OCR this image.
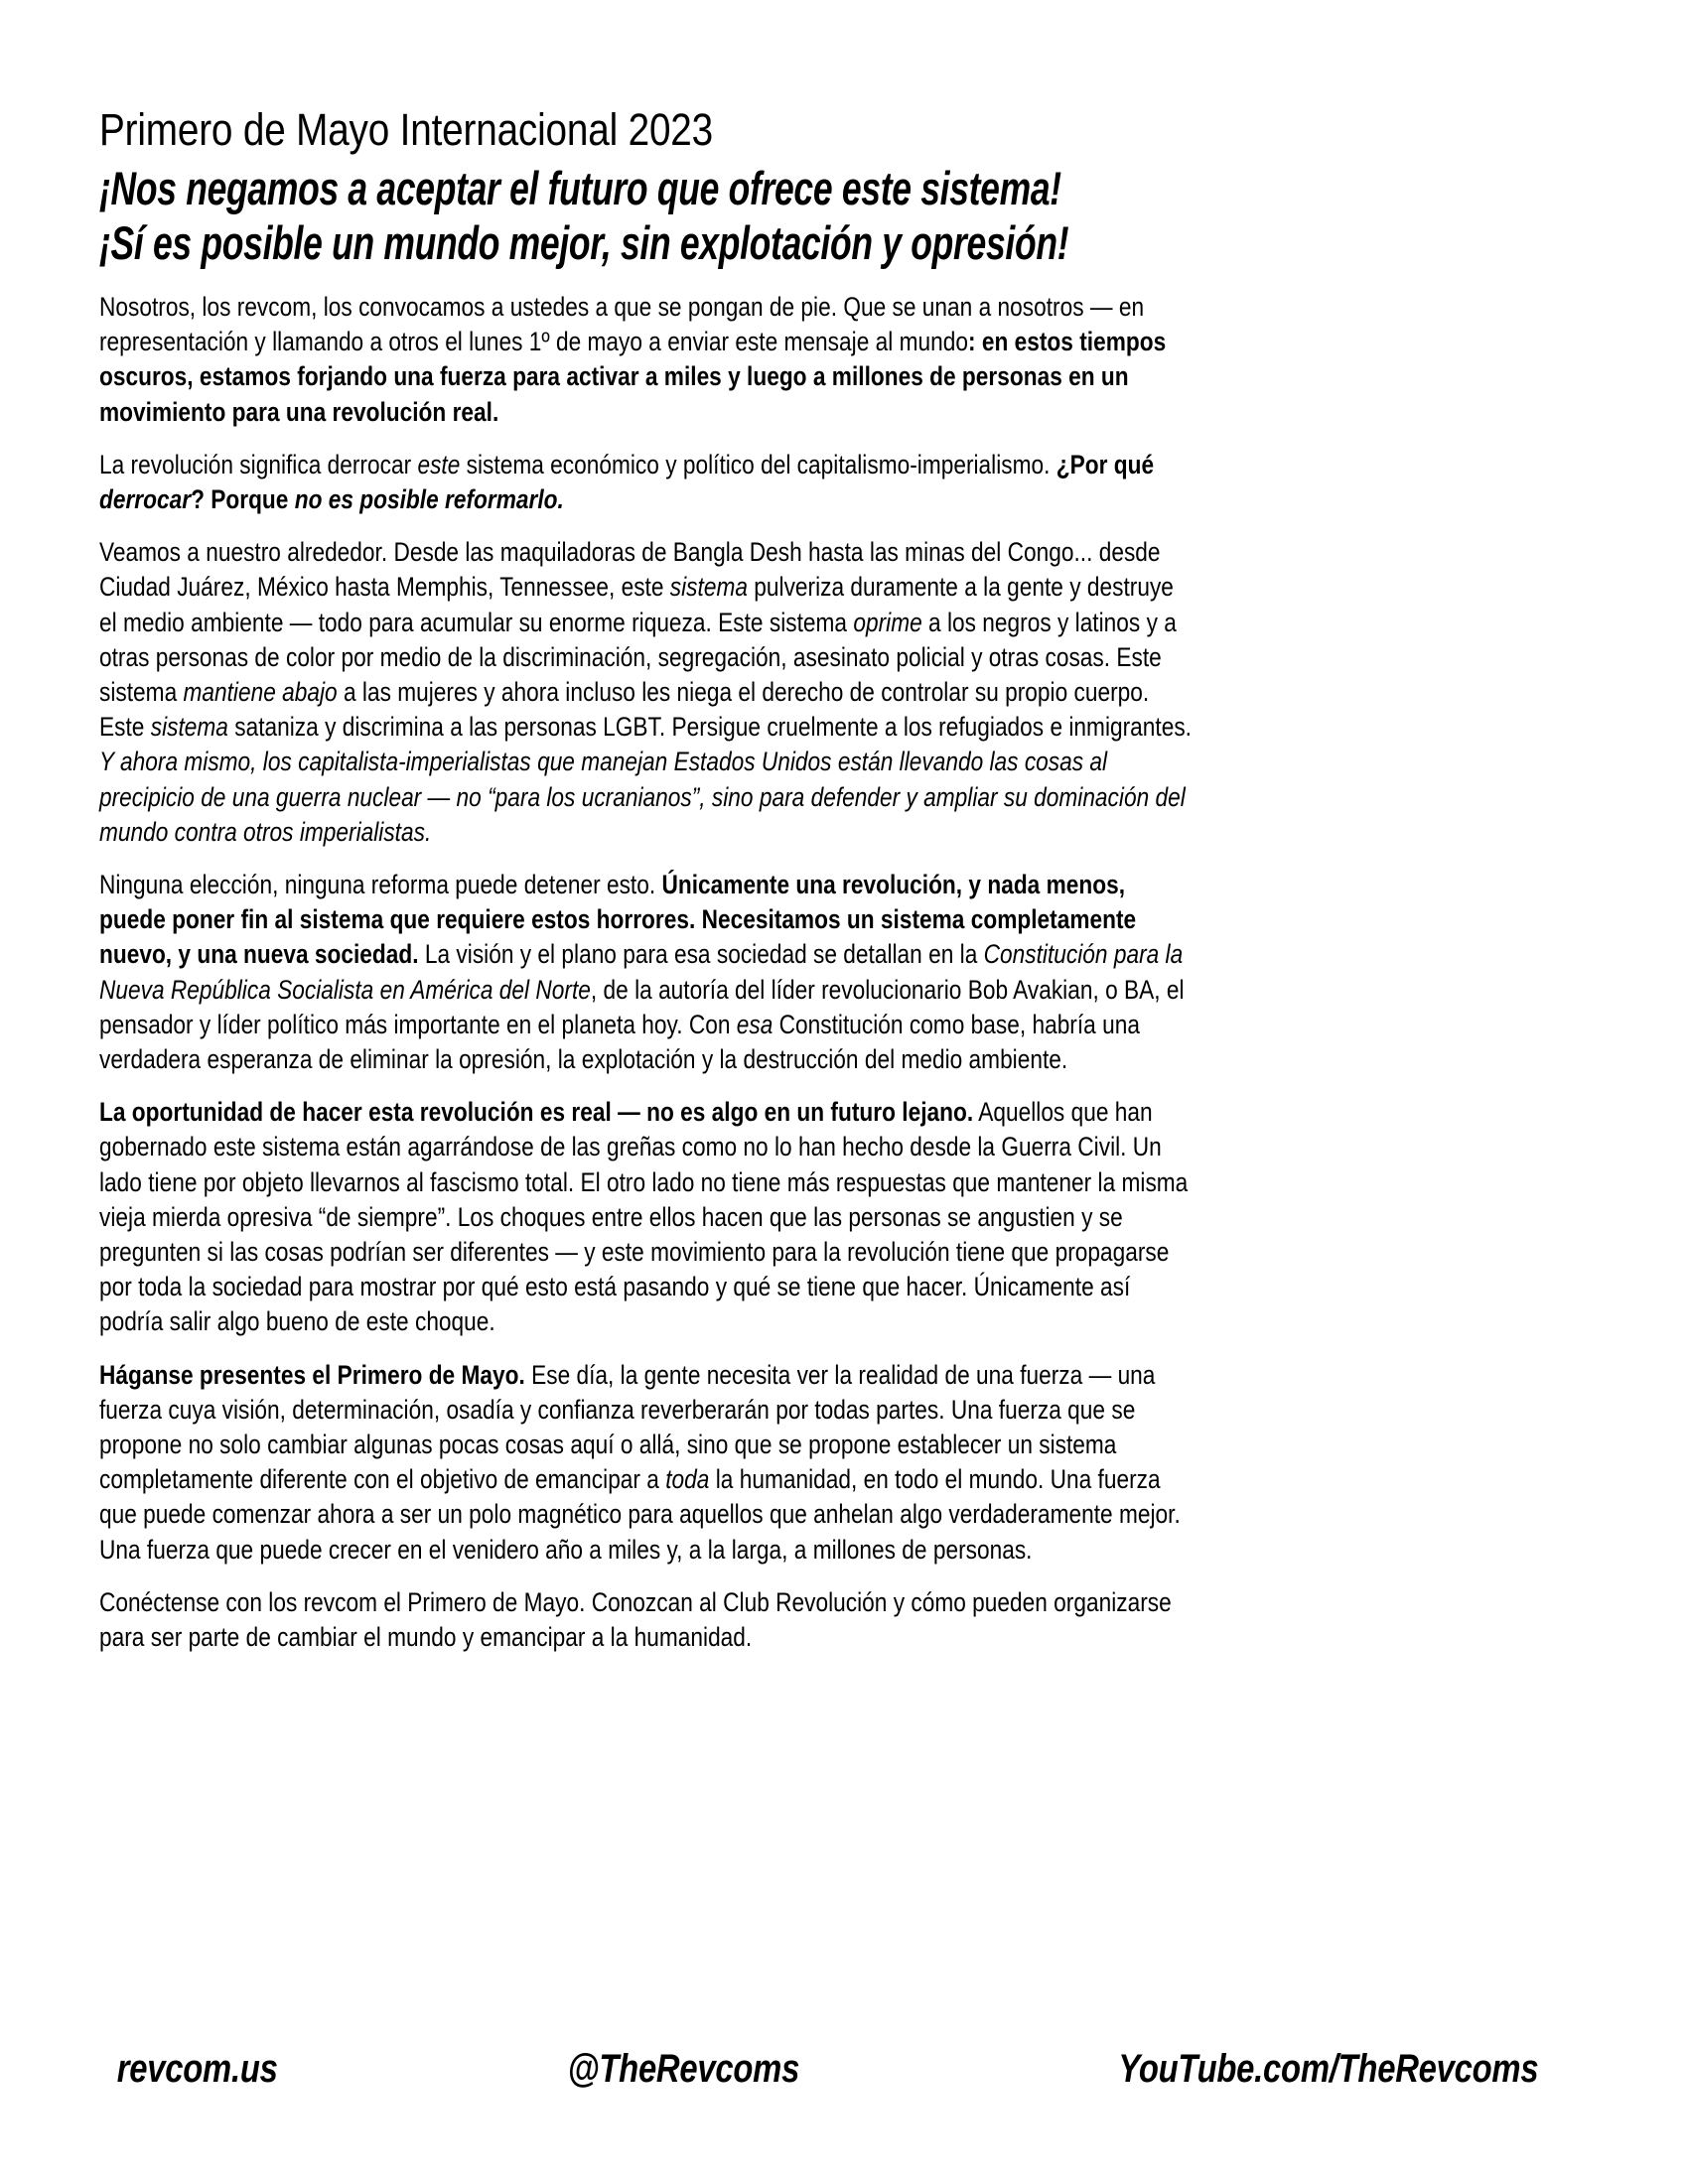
Primero de Mayo Internacional 2023
¡Nos negamos a aceptar el futuro que ofrece este sistema!
¡Sí es posible un mundo mejor, sin explotación y opresión!

Nosotros, los revcom, los convocamos a ustedes a que se pongan de pie. Que se unan a nosotros — en representación y llamando a otros el lunes 1º de mayo a enviar este mensaje al mundo: en estos tiempos oscuros, estamos forjando una fuerza para activar a miles y luego a millones de personas en un movimiento para una revolución real.

La revolución significa derrocar este sistema económico y político del capitalismo-imperialismo. ¿Por qué derrocar? Porque no es posible reformarlo.

Veamos a nuestro alrededor. Desde las maquiladoras de Bangla Desh hasta las minas del Congo... desde Ciudad Juárez, México hasta Memphis, Tennessee, este sistema pulveriza duramente a la gente y destruye el medio ambiente — todo para acumular su enorme riqueza. Este sistema oprime a los negros y latinos y a otras personas de color por medio de la discriminación, segregación, asesinato policial y otras cosas. Este sistema mantiene abajo a las mujeres y ahora incluso les niega el derecho de controlar su propio cuerpo. Este sistema sataniza y discrimina a las personas LGBT. Persigue cruelmente a los refugiados e inmigrantes. Y ahora mismo, los capitalista-imperialistas que manejan Estados Unidos están llevando las cosas al precipicio de una guerra nuclear — no “para los ucranianos”, sino para defender y ampliar su dominación del mundo contra otros imperialistas.

Ninguna elección, ninguna reforma puede detener esto. Únicamente una revolución, y nada menos, puede poner fin al sistema que requiere estos horrores. Necesitamos un sistema completamente nuevo, y una nueva sociedad. La visión y el plano para esa sociedad se detallan en la Constitución para la Nueva República Socialista en América del Norte, de la autoría del líder revolucionario Bob Avakian, o BA, el pensador y líder político más importante en el planeta hoy. Con esa Constitución como base, habría una verdadera esperanza de eliminar la opresión, la explotación y la destrucción del medio ambiente.

La oportunidad de hacer esta revolución es real — no es algo en un futuro lejano. Aquellos que han gobernado este sistema están agarrándose de las greñas como no lo han hecho desde la Guerra Civil. Un lado tiene por objeto llevarnos al fascismo total. El otro lado no tiene más respuestas que mantener la misma vieja mierda opresiva “de siempre”. Los choques entre ellos hacen que las personas se angustien y se pregunten si las cosas podrían ser diferentes — y este movimiento para la revolución tiene que propagarse por toda la sociedad para mostrar por qué esto está pasando y qué se tiene que hacer. Únicamente así podría salir algo bueno de este choque.

Háganse presentes el Primero de Mayo. Ese día, la gente necesita ver la realidad de una fuerza — una fuerza cuya visión, determinación, osadía y confianza reverberarán por todas partes. Una fuerza que se propone no solo cambiar algunas pocas cosas aquí o allá, sino que se propone establecer un sistema completamente diferente con el objetivo de emancipar a toda la humanidad, en todo el mundo. Una fuerza que puede comenzar ahora a ser un polo magnético para aquellos que anhelan algo verdaderamente mejor. Una fuerza que puede crecer en el venidero año a miles y, a la larga, a millones de personas.

Conéctense con los revcom el Primero de Mayo. Conozcan al Club Revolución y cómo pueden organizarse para ser parte de cambiar el mundo y emancipar a la humanidad.

revcom.us	@TheRevcoms	YouTube.com/TheRevcoms
